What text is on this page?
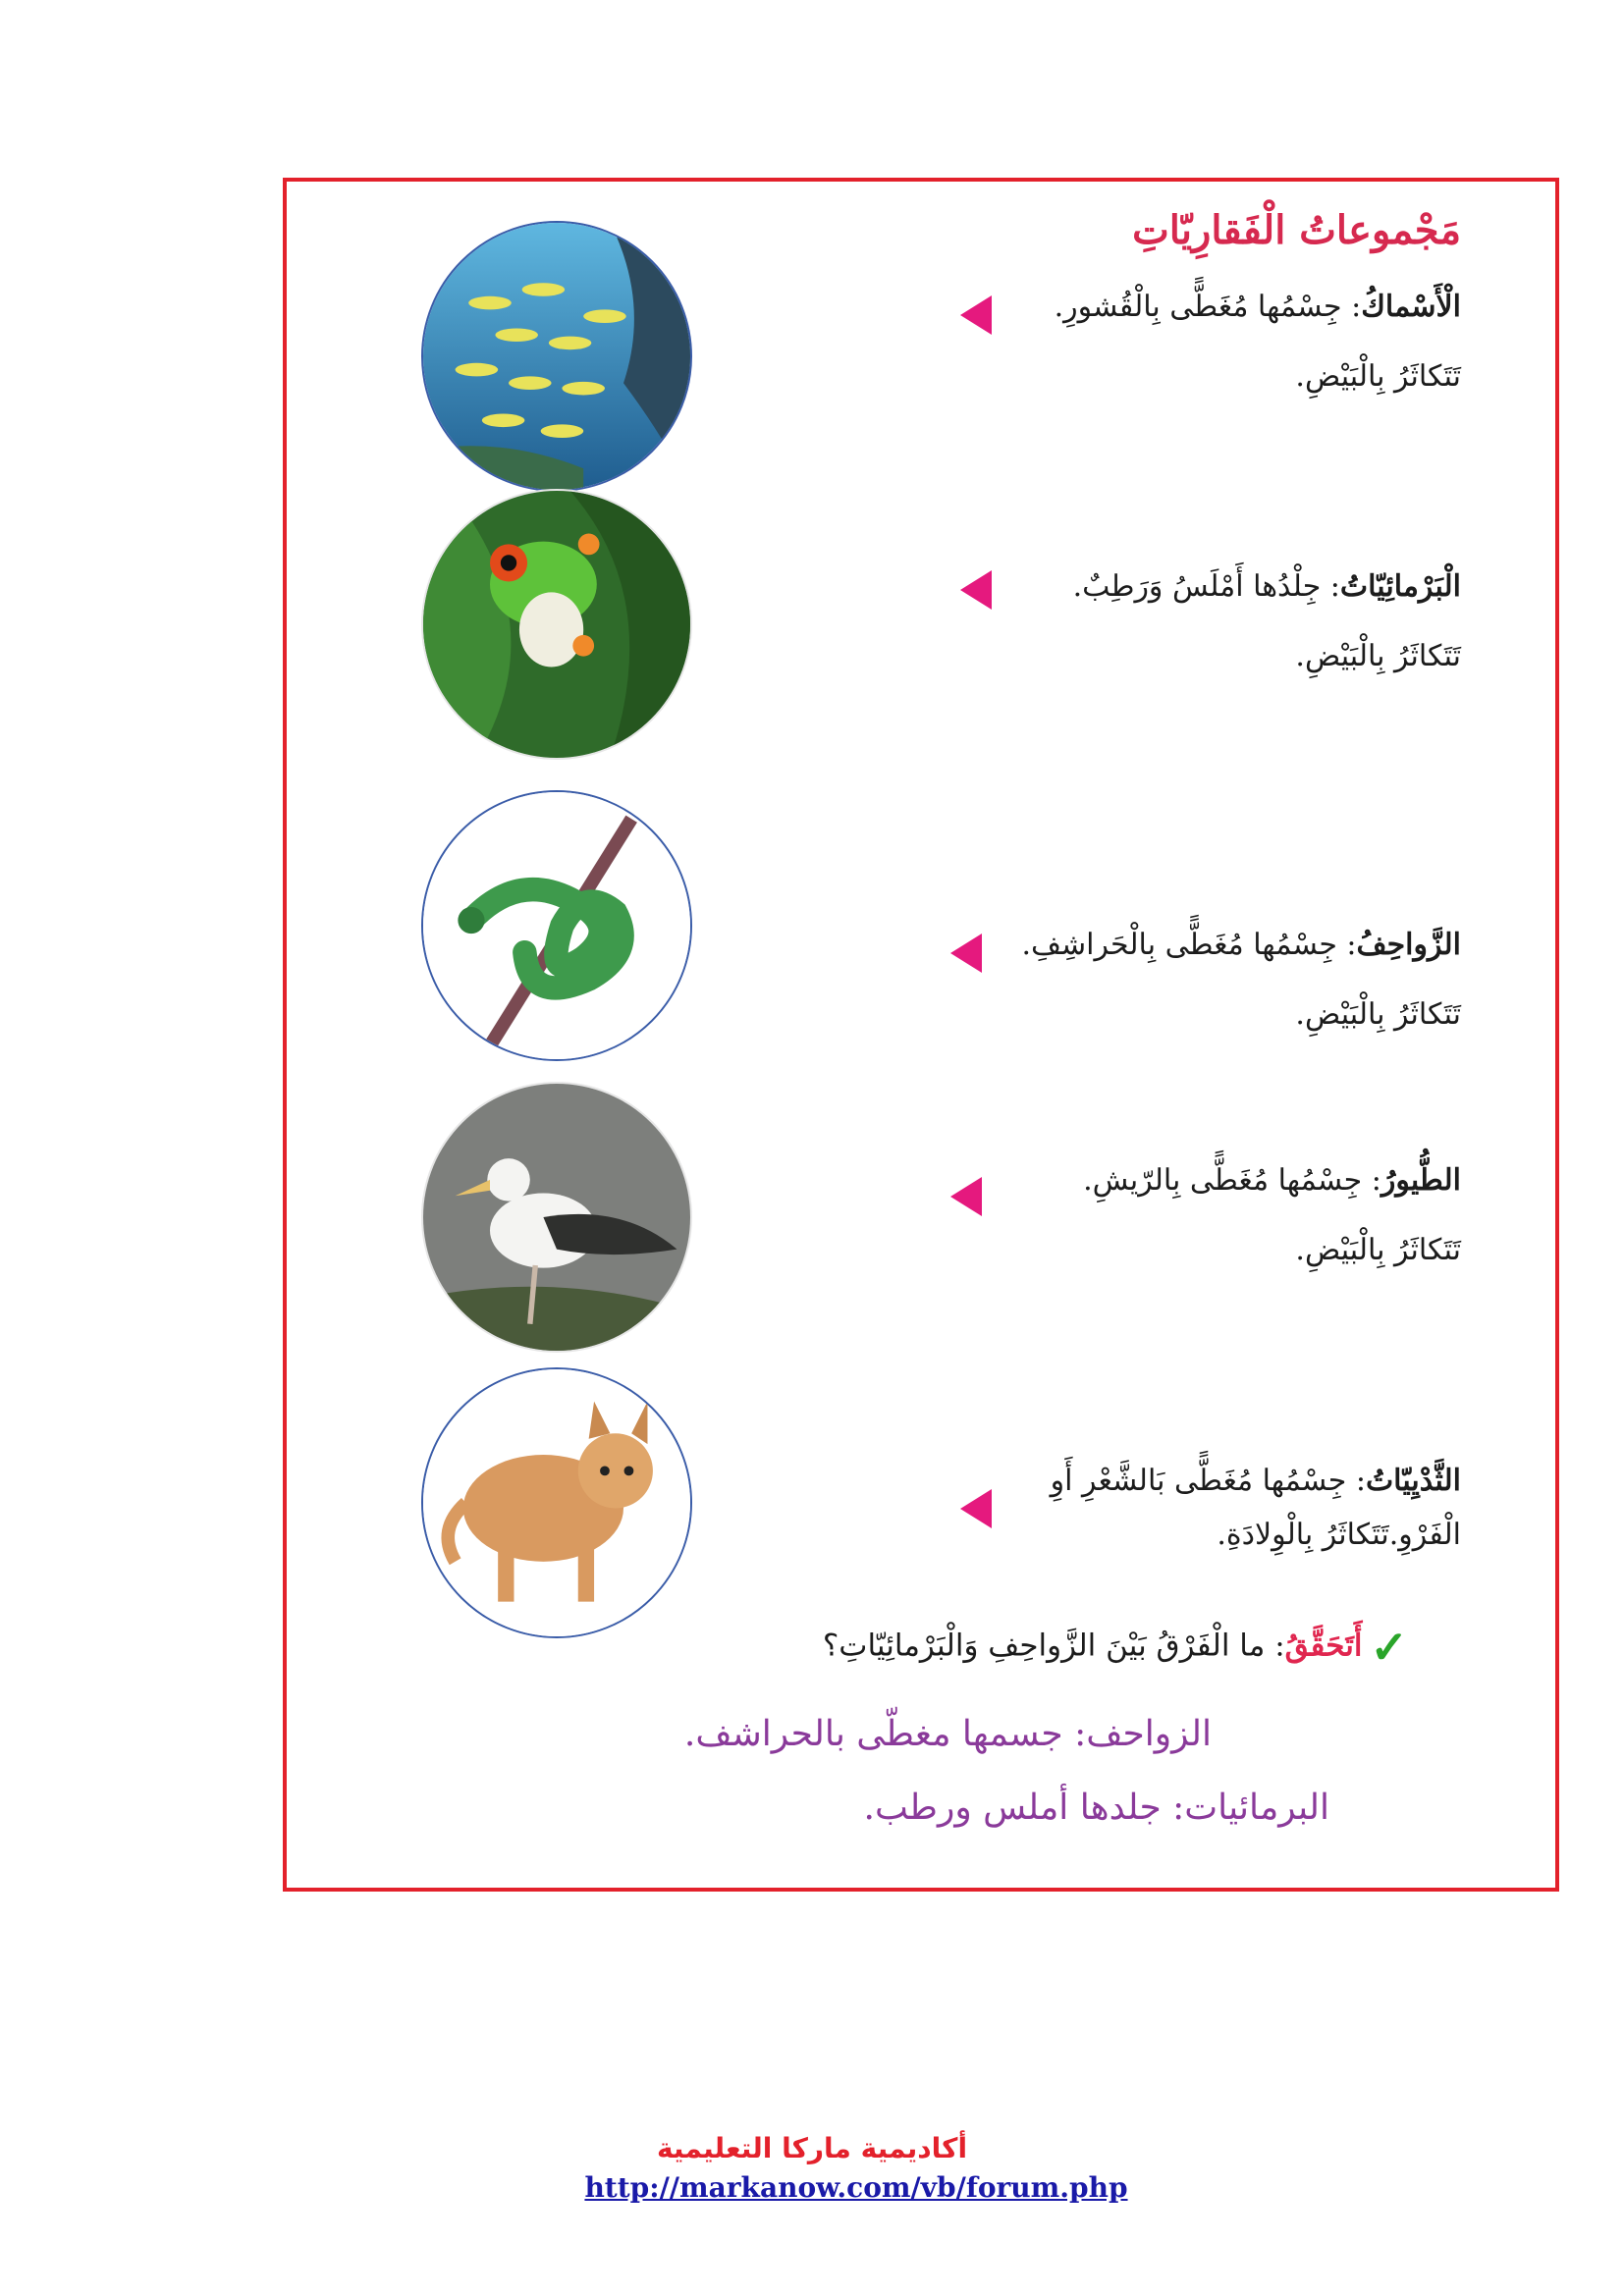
مَجْموعاتُ الْفَقارِيّاتِ
الْأَسْماكُ: جِسْمُها مُغَطًّى بِالْقُشورِ.
تَتَكاثَرُ بِالْبَيْضِ.
الْبَرْمائِيّاتُ: جِلْدُها أَمْلَسُ وَرَطِبٌ.
تَتَكاثَرُ بِالْبَيْضِ.
الزَّواحِفُ: جِسْمُها مُغَطًّى بِالْحَراشِفِ.
تَتَكاثَرُ بِالْبَيْضِ.
الطُّيورُ: جِسْمُها مُغَطًّى بِالرّيشِ.
تَتَكاثَرُ بِالْبَيْضِ.
الثَّدْيِيّاتُ: جِسْمُها مُغَطًّى بَالشَّعْرِ أَوِ
الْفَرْوِ.تَتَكاثَرُ بِالْوِلادَةِ.
✓أَتَحَقَّقُ: ما الْفَرْقُ بَيْنَ الزَّواحِفِ وَالْبَرْمائِيّاتِ؟
الزواحف: جسمها مغطّى بالحراشف.
البرمائيات: جلدها أملس ورطب.
أكاديمية ماركا التعليمية
http://markanow.com/vb/forum.php
